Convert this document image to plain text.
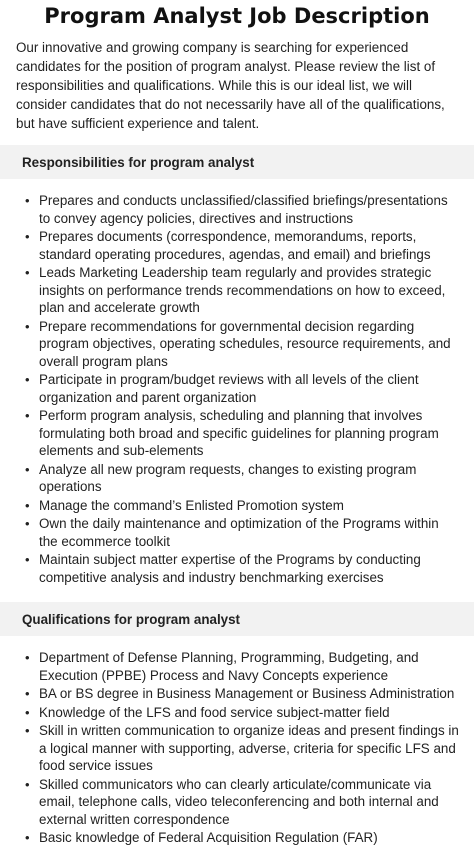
Program Analyst Job Description

Our innovative and growing company is searching for experienced candidates for the position of program analyst. Please review the list of responsibilities and qualifications. While this is our ideal list, we will consider candidates that do not necessarily have all of the qualifications, but have sufficient experience and talent.

Responsibilities for program analyst
• Prepares and conducts unclassified/classified briefings/presentations to convey agency policies, directives and instructions
• Prepares documents (correspondence, memorandums, reports, standard operating procedures, agendas, and email) and briefings
• Leads Marketing Leadership team regularly and provides strategic insights on performance trends recommendations on how to exceed, plan and accelerate growth
• Prepare recommendations for governmental decision regarding program objectives, operating schedules, resource requirements, and overall program plans
• Participate in program/budget reviews with all levels of the client organization and parent organization
• Perform program analysis, scheduling and planning that involves formulating both broad and specific guidelines for planning program elements and sub-elements
• Analyze all new program requests, changes to existing program operations
• Manage the command’s Enlisted Promotion system
• Own the daily maintenance and optimization of the Programs within the ecommerce toolkit
• Maintain subject matter expertise of the Programs by conducting competitive analysis and industry benchmarking exercises
Qualifications for program analyst
• Department of Defense Planning, Programming, Budgeting, and Execution (PPBE) Process and Navy Concepts experience
• BA or BS degree in Business Management or Business Administration
• Knowledge of the LFS and food service subject-matter field
• Skill in written communication to organize ideas and present findings in a logical manner with supporting, adverse, criteria for specific LFS and food service issues
• Skilled communicators who can clearly articulate/communicate via email, telephone calls, video teleconferencing and both internal and external written correspondence
• Basic knowledge of Federal Acquisition Regulation (FAR)
